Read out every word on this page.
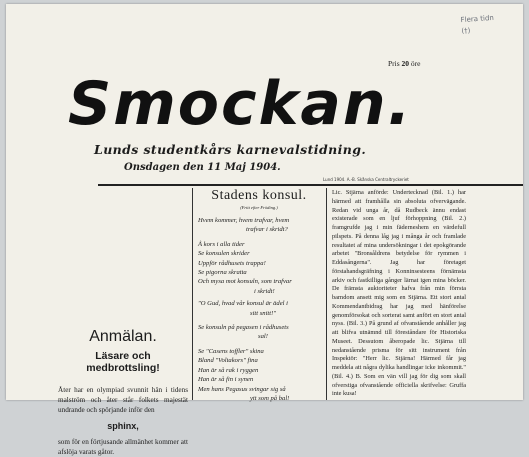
Flera tidn
(†)
Pris 20 öre
Smockan.
Lunds studentkårs karnevalstidning.
Onsdagen den 11 Maj 1904.
Lund 1904. A.-B. Skånska Centraltryckeriet
Anmälan.
Läsare och medbrottsling!
Åter har en olympiad svunnit hän i tidens malström och åter står folkets majestät undrande och spörjande inför den
sphinx,
som för en förtjusande allmänhet kommer att afslöja varats gåtor.
Stadens konsul.
(Fritt efter Fröding.)
Hvem kommer, hvem trafvar, hvem
trafvar i skridt?
Å kors i alla tider
Se konsulen skrider
Uppför rådhusets trappa!
Se pigorna skratta
Och mysa mot konsuln, som trafvar
i skridt!
"O Gud, hvad vår konsul är ädel i
sitt snitt!"
Se konsuln på pegasen i rådhusets
sal!
Se "Casens toffler" skina
Bland "Voltakors" fina
Han är så rak i ryggen
Han är så fin i synen
Men hans Pegasus svingar sig så
ytt som på bal!
Lic. Stjärna anförde: Undertecknad (Bil. 1.) har härmed att framhålla sin absoluta ofvervägande. Redan vid unga år, då Rudbeck ännu endast existerade som en ljuf förhoppning (Bil. 2.) framgrufde jag i min fäderneshem en värdefull pilspets. På denna låg jag i många år och framlade resultatet af mina undersökningar i det epokgörande arbetet "Bronsåldrens betydelse för rymmen i Eddasångerna". Jag har företaget förstahandsgräfning i Konninsesteens förnämsta arkiv och fastkilliga gånger lärnat igen mina böcker. De främsta auktoriteter hafva från min förrsta barndom ansett mig som en Stjärna. Ett stort antal Kommendantbidrag har jag med hänförelse genomförsokat och sorterat samt anfört en stort antal nyss. (Bil. 3.) På grund af ofvanstående anhåller jag att blifva utnämnd till föreståndare för Historiska Museet. Dessutom åberopade lic. Stjärna till nedanstående prisma för sitt instrument från Inspektör: "Herr lic. Stjärna! Härmed får jag meddela att några dylika handlingar icke inkommit." (Bil. 4.) B. Som en vän vill jag för dig som skall ofverstiga ofvanstående officiella skrifvelse: Gruffa inte kusa!
